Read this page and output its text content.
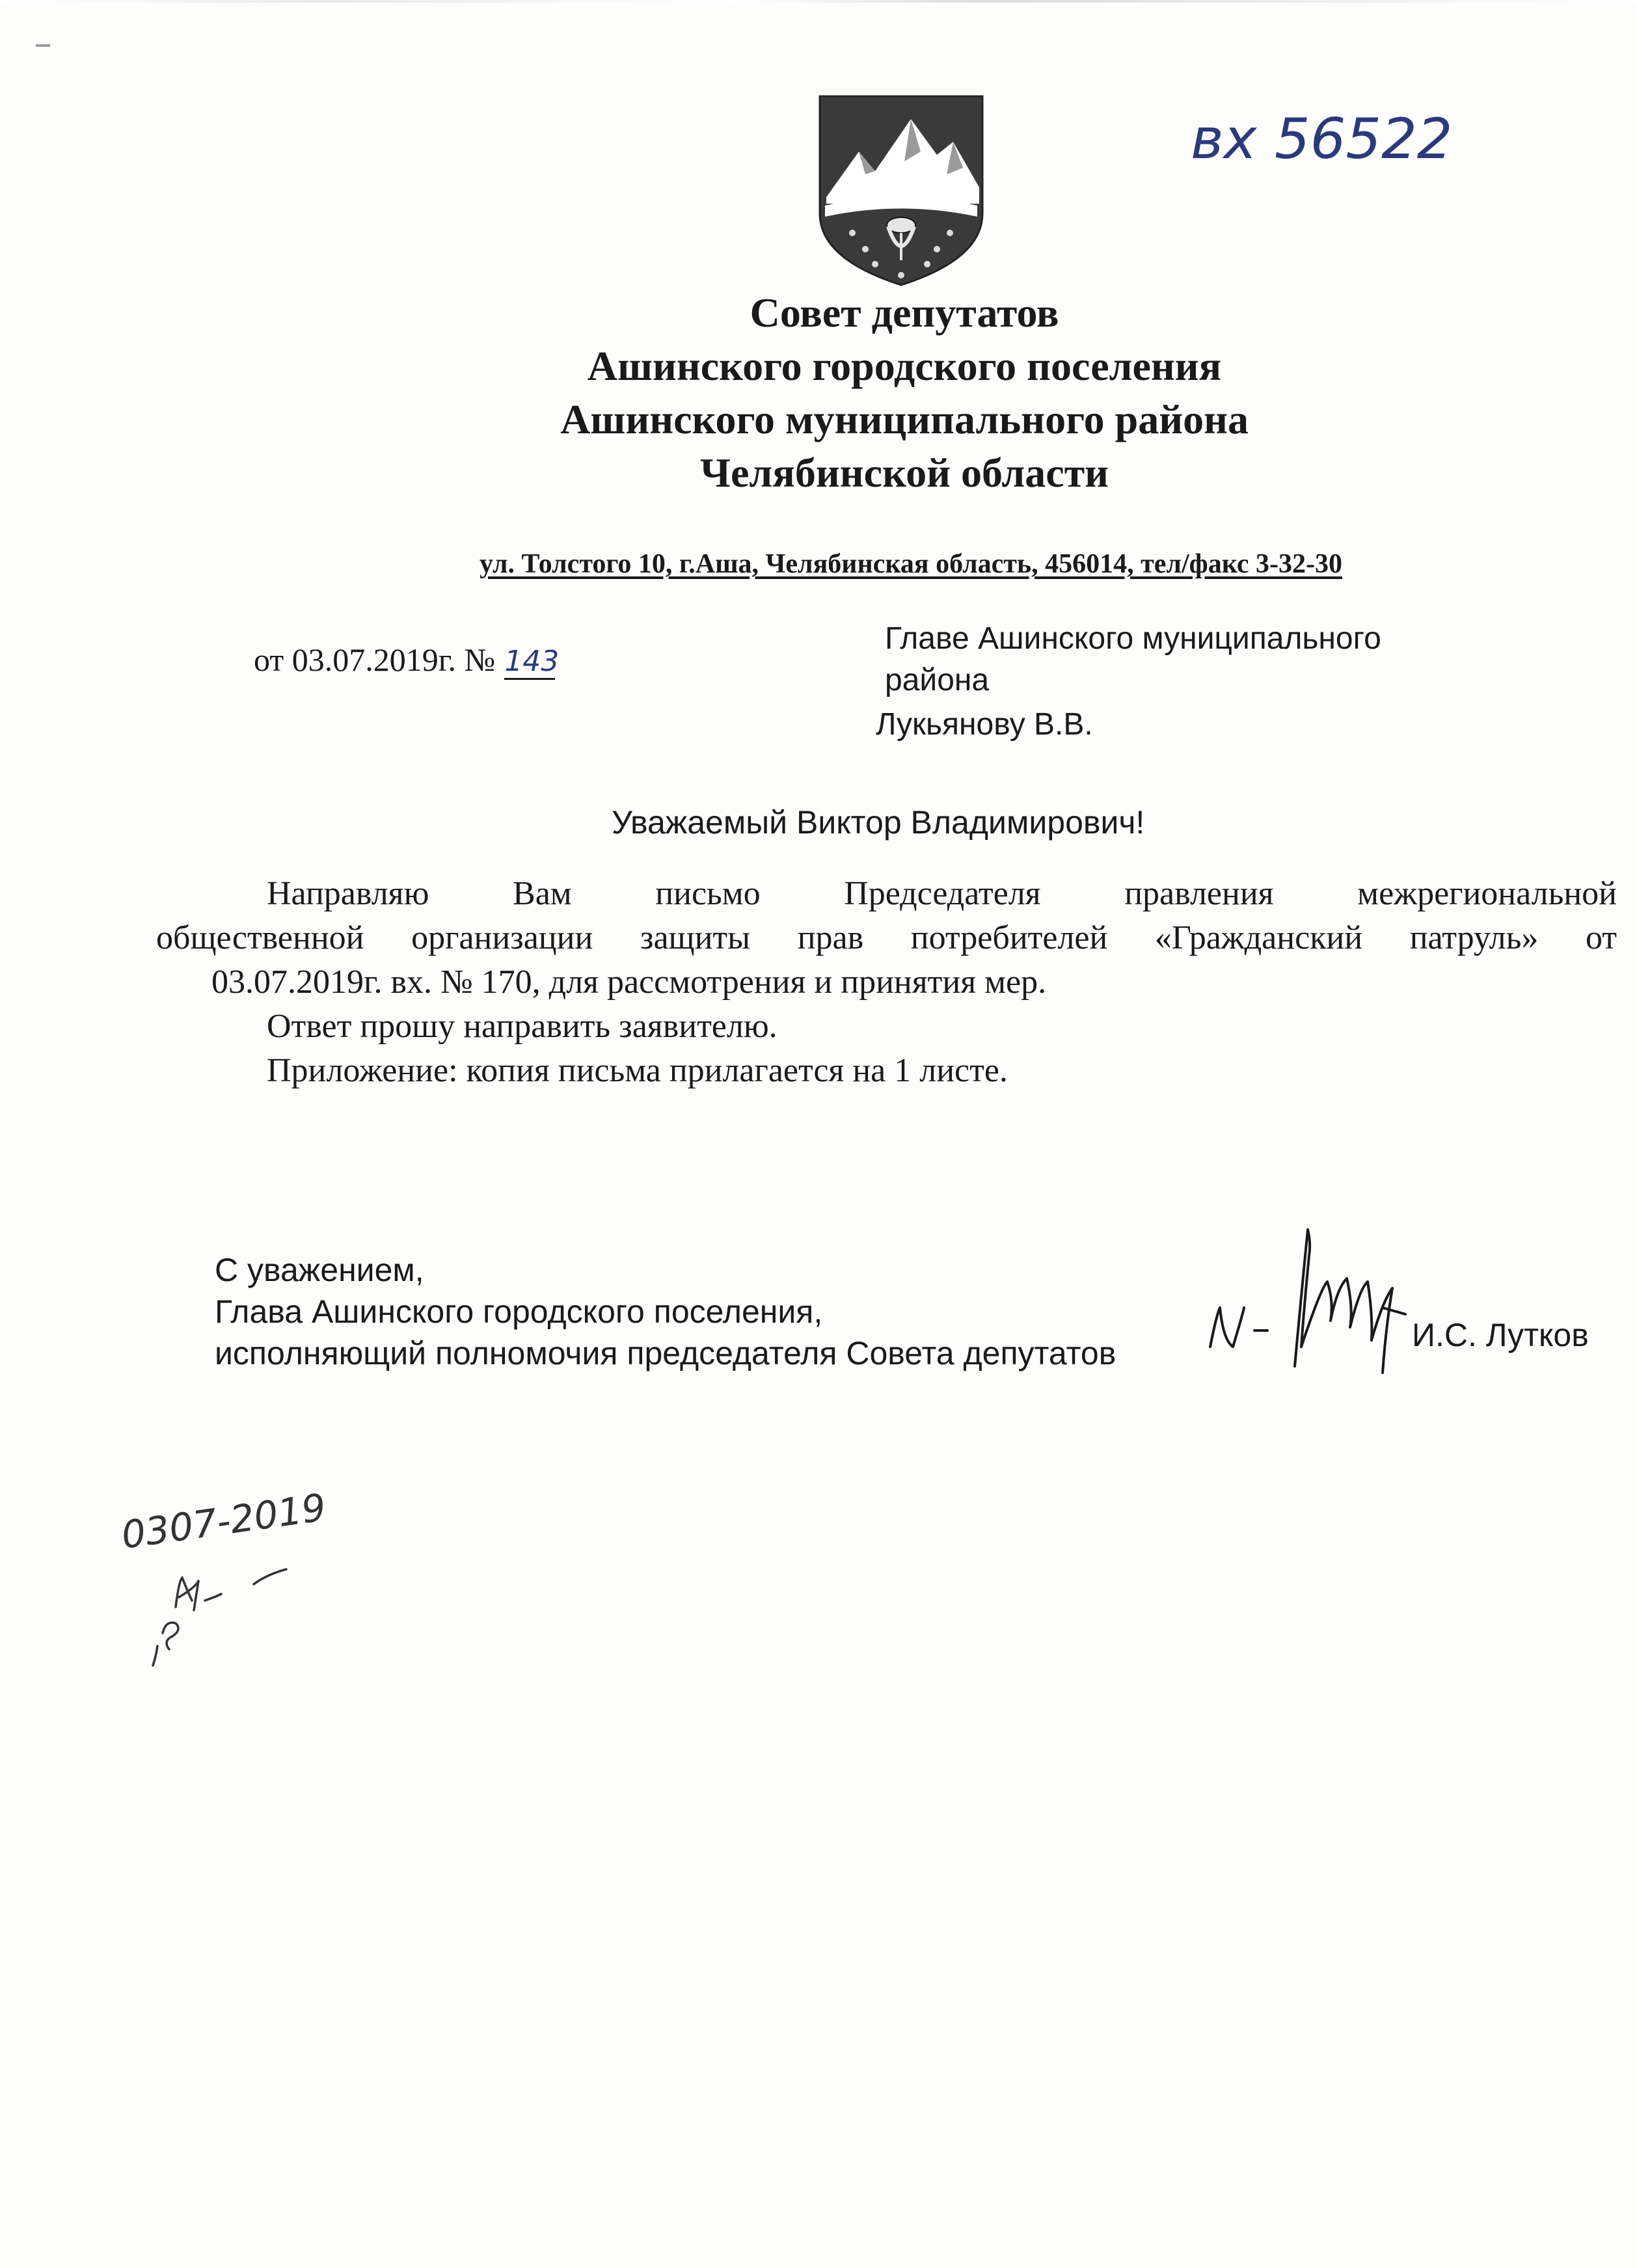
вх 56522
Совет депутатов
Ашинского городского поселения
Ашинского муниципального района
Челябинской области
ул. Толстого 10, г.Аша, Челябинская область, 456014, тел/факс 3-32-30
от 03.07.2019г. № 143
Главе Ашинского муниципального
района
Лукьянову В.В.
Уважаемый Виктор Владимирович!

Направляю Вам письмо Председателя правления межрегиональной
общественной организации защиты прав потребителей «Гражданский патруль» от
03.07.2019г. вх. № 170, для рассмотрения и принятия мер.

Ответ прошу направить заявителю.

Приложение: копия письма прилагается на 1 листе.

С уважением,
Глава Ашинского городского поселения,
исполняющий полномочия председателя Совета депутатов	И.С. Лутков
0307-2019
